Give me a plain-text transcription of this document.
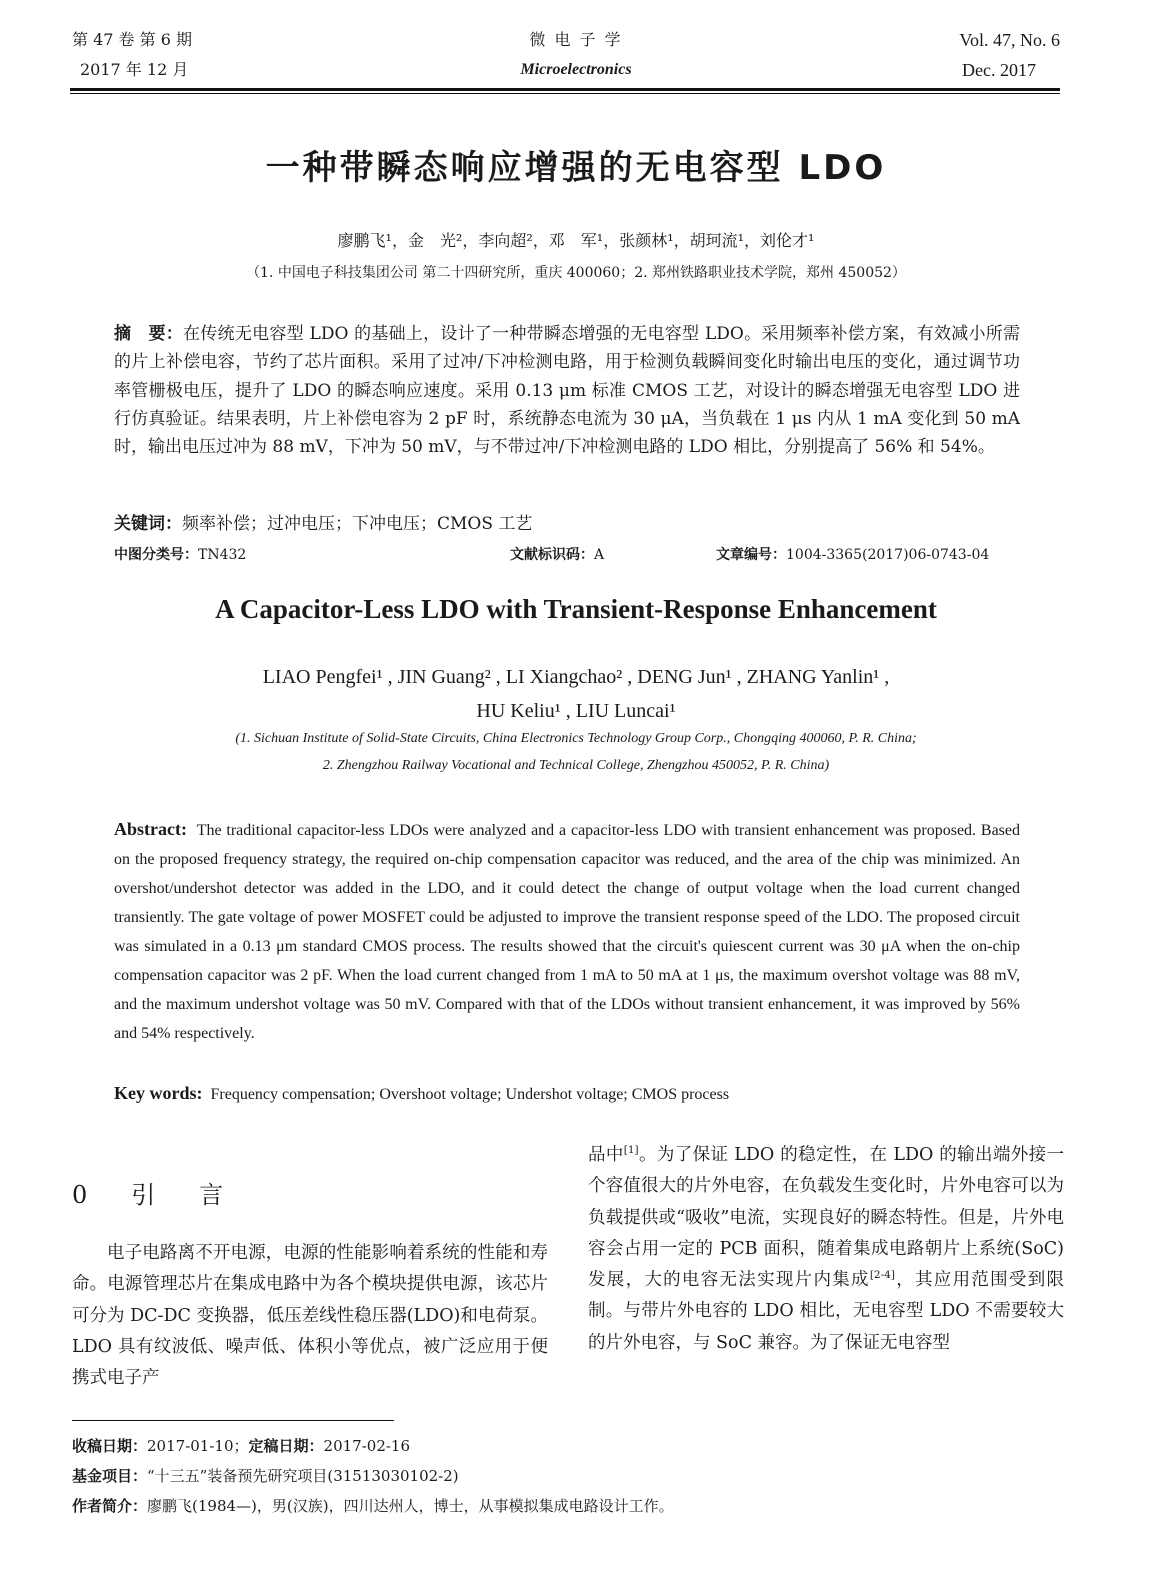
第 47 卷 第 6 期
2017 年 12 月
微 电 子 学
Microelectronics
Vol. 47, No. 6
Dec. 2017
一种带瞬态响应增强的无电容型 LDO
廖鹏飞¹，金　光²，李向超²，邓　军¹，张颜林¹，胡珂流¹，刘伦才¹
（1. 中国电子科技集团公司 第二十四研究所，重庆 400060；2. 郑州铁路职业技术学院，郑州 450052）
摘　要：在传统无电容型 LDO 的基础上，设计了一种带瞬态增强的无电容型 LDO。采用频率补偿方案，有效减小所需的片上补偿电容，节约了芯片面积。采用了过冲/下冲检测电路，用于检测负载瞬间变化时输出电压的变化，通过调节功率管栅极电压，提升了 LDO 的瞬态响应速度。采用 0.13 μm 标准 CMOS 工艺，对设计的瞬态增强无电容型 LDO 进行仿真验证。结果表明，片上补偿电容为 2 pF 时，系统静态电流为 30 μA，当负载在 1 μs 内从 1 mA 变化到 50 mA 时，输出电压过冲为 88 mV，下冲为 50 mV，与不带过冲/下冲检测电路的 LDO 相比，分别提高了 56% 和 54%。
关键词：频率补偿；过冲电压；下冲电压；CMOS 工艺
中图分类号：TN432	文献标识码：A	文章编号：1004-3365(2017)06-0743-04
A Capacitor-Less LDO with Transient-Response Enhancement
LIAO Pengfei¹ , JIN Guang² , LI Xiangchao² , DENG Jun¹ , ZHANG Yanlin¹ ,
HU Keliu¹ , LIU Luncai¹
(1. Sichuan Institute of Solid-State Circuits, China Electronics Technology Group Corp., Chongqing 400060, P. R. China;
2. Zhengzhou Railway Vocational and Technical College, Zhengzhou 450052, P. R. China)
Abstract: The traditional capacitor-less LDOs were analyzed and a capacitor-less LDO with transient enhancement was proposed. Based on the proposed frequency strategy, the required on-chip compensation capacitor was reduced, and the area of the chip was minimized. An overshot/undershot detector was added in the LDO, and it could detect the change of output voltage when the load current changed transiently. The gate voltage of power MOSFET could be adjusted to improve the transient response speed of the LDO. The proposed circuit was simulated in a 0.13 μm standard CMOS process. The results showed that the circuit's quiescent current was 30 μA when the on-chip compensation capacitor was 2 pF. When the load current changed from 1 mA to 50 mA at 1 μs, the maximum overshot voltage was 88 mV, and the maximum undershot voltage was 50 mV. Compared with that of the LDOs without transient enhancement, it was improved by 56% and 54% respectively.
Key words: Frequency compensation; Overshoot voltage; Undershot voltage; CMOS process
0　引　言
电子电路离不开电源，电源的性能影响着系统的性能和寿命。电源管理芯片在集成电路中为各个模块提供电源，该芯片可分为 DC-DC 变换器，低压差线性稳压器(LDO)和电荷泵。LDO 具有纹波低、噪声低、体积小等优点，被广泛应用于便携式电子产
品中[1]。为了保证 LDO 的稳定性，在 LDO 的输出端外接一个容值很大的片外电容，在负载发生变化时，片外电容可以为负载提供或“吸收”电流，实现良好的瞬态特性。但是，片外电容会占用一定的 PCB 面积，随着集成电路朝片上系统(SoC)发展，大的电容无法实现片内集成[2-4]，其应用范围受到限制。与带片外电容的 LDO 相比，无电容型 LDO 不需要较大的片外电容，与 SoC 兼容。为了保证无电容型
收稿日期：2017-01-10；定稿日期：2017-02-16
基金项目：“十三五”装备预先研究项目(31513030102-2)
作者简介：廖鹏飞(1984—)，男(汉族)，四川达州人，博士，从事模拟集成电路设计工作。
